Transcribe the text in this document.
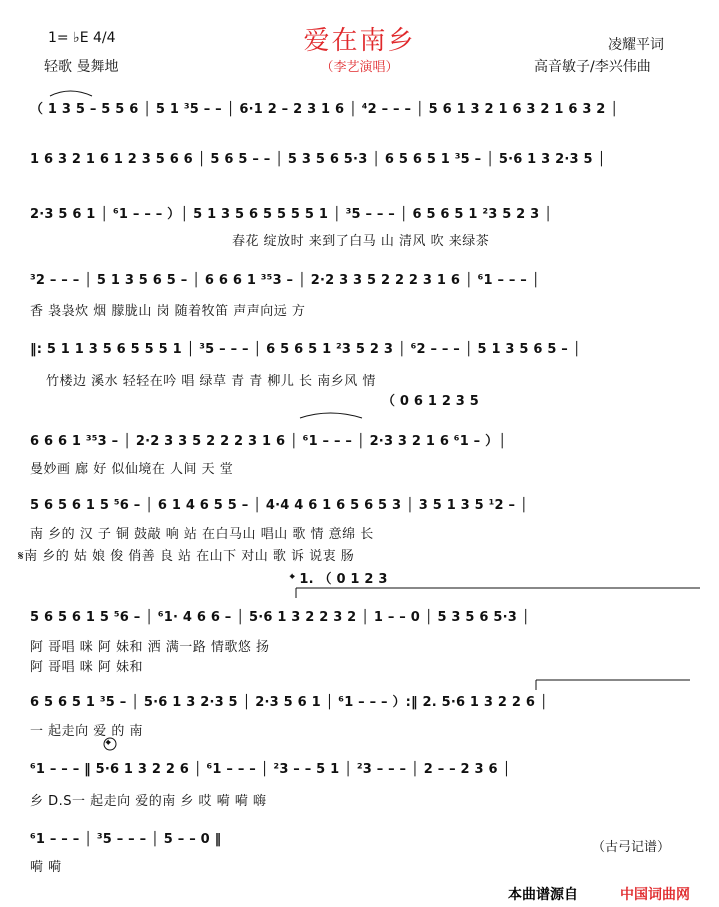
爱在南乡
（李艺演唱）
1= ♭E 4/4
轻歌 曼舞地
凌耀平词
高音敏子/李兴伟曲
（ 1 3 5 – 5 5 6 │ 5 1 ³5 – – │ 6·1 2 – 2 3 1 6 │ ⁴2 – – – │ 5 6 1 3 2 1 6 3 2 1 6 3 2 │
1 6 3 2 1 6 1 2 3 5 6 6 │ 5 6 5 – – │ 5 3 5 6 5·3 │ 6 5 6 5 1 ³5 – │ 5·6 1 3 2·3 5 │
2·3 5 6 1 │ ⁶1 – – – ）│ 5 1 3 5 6 5 5 5 5 1 │ ³5 – – – │ 6 5 6 5 1 ²3 5 2 3 │
春花 绽放时 来到了白马 山 清风 吹 来绿茶
³2 – – – │ 5 1 3 5 6 5 – │ 6 6 6 1 ³⁵3 – │ 2·2 3 3 5 2 2 2 3 1 6 │ ⁶1 – – – │
香 袅袅炊 烟 朦胧山 岗 随着牧笛 声声向远 方
‖: 5 1 1 3 5 6 5 5 5 1 │ ³5 – – – │ 6 5 6 5 1 ²3 5 2 3 │ ⁶2 – – – │ 5 1 3 5 6 5 – │
竹楼边 溪水 轻轻在吟 唱 绿草 青 青 柳儿 长 南乡风 情
（ 0 6 1 2 3 5
6 6 6 1 ³⁵3 – │ 2·2 3 3 5 2 2 2 3 1 6 │ ⁶1 – – – │ 2·3 3 2 1 6 ⁶1 – ）│
曼妙画 廊 好 似仙境在 人间 天 堂
5 6 5 6 1 5 ⁵6 – │ 6 1 4 6 5 5 – │ 4·4 4 6 1 6 5 6 5 3 │ 3 5 1 3 5 ¹2 – │
南 乡的 汉 子 铜 鼓敲 响 站 在白马山 唱山 歌 情 意绵 长
𝄋南 乡的 姑 娘 俊 俏善 良 站 在山下 对山 歌 诉 说衷 肠
𝄌 1. （ 0 1 2 3
5 6 5 6 1 5 ⁵6 – │ ⁶1· 4 6 6 – │ 5·6 1 3 2 2 3 2 │ 1 – – 0 │ 5 3 5 6 5·3 │
阿 哥唱 咪 阿 妹和 洒 满一路 情歌悠 扬
阿 哥唱 咪 阿 妹和
6 5 6 5 1 ³5 – │ 5·6 1 3 2·3 5 │ 2·3 5 6 1 │ ⁶1 – – – ）:‖ 2. 5·6 1 3 2 2 6 │
一 起走向 爱 的 南
𝄌
⁶1 – – – ‖ 5·6 1 3 2 2 6 │ ⁶1 – – – │ ²3 – – 5 1 │ ²3 – – – │ 2 – – 2 3 6 │
乡 D.S一 起走向 爱的南 乡 哎 嗬 嗬 嗨
⁶1 – – – │ ³5 – – – │ 5 – – 0 ‖
嗬 嗬
（古弓记谱）
本曲谱源自	中国词曲网
